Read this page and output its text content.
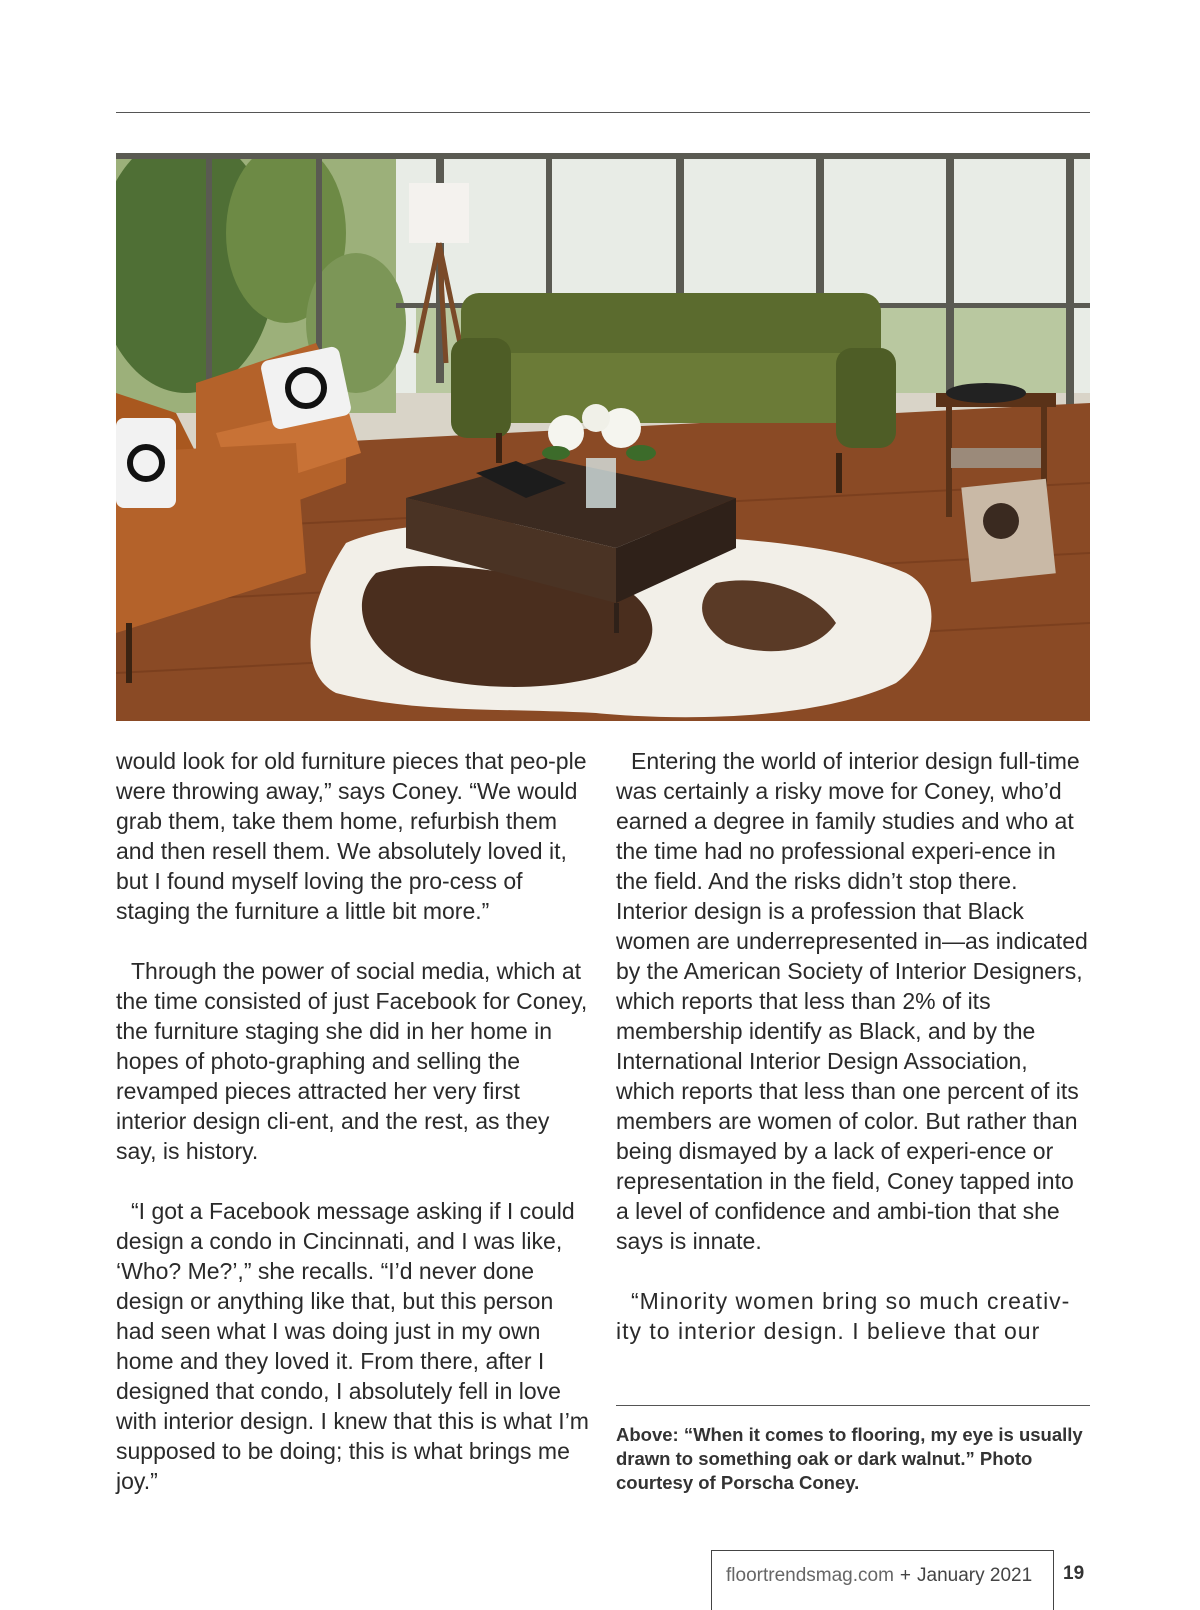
would look for old furniture pieces that peo-ple were throwing away,” says Coney. “We would grab them, take them home, refurbish them and then resell them. We absolutely loved it, but I found myself loving the pro-cess of staging the furniture a little bit more.”

Through the power of social media, which at the time consisted of just Facebook for Coney, the furniture staging she did in her home in hopes of photo-graphing and selling the revamped pieces attracted her very first interior design cli-ent, and the rest, as they say, is history.

“I got a Facebook message asking if I could design a condo in Cincinnati, and I was like, ‘Who? Me?’,” she recalls. “I’d never done design or anything like that, but this person had seen what I was doing just in my own home and they loved it. From there, after I designed that condo, I absolutely fell in love with interior design. I knew that this is what I’m supposed to be doing; this is what brings me joy.”

Entering the world of interior design full-time was certainly a risky move for Coney, who’d earned a degree in family studies and who at the time had no professional experi-ence in the field. And the risks didn’t stop there. Interior design is a profession that Black women are underrepresented in—as indicated by the American Society of Interior Designers, which reports that less than 2% of its membership identify as Black, and by the International Interior Design Association, which reports that less than one percent of its members are women of color. But rather than being dismayed by a lack of experi-ence or representation in the field, Coney tapped into a level of confidence and ambi-tion that she says is innate.

“Minority women bring so much creativ-ity to interior design. I believe that our

Above: “When it comes to flooring, my eye is usually drawn to something oak or dark walnut.” Photo courtesy of Porscha Coney.
floortrendsmag.com + January 2021 19
